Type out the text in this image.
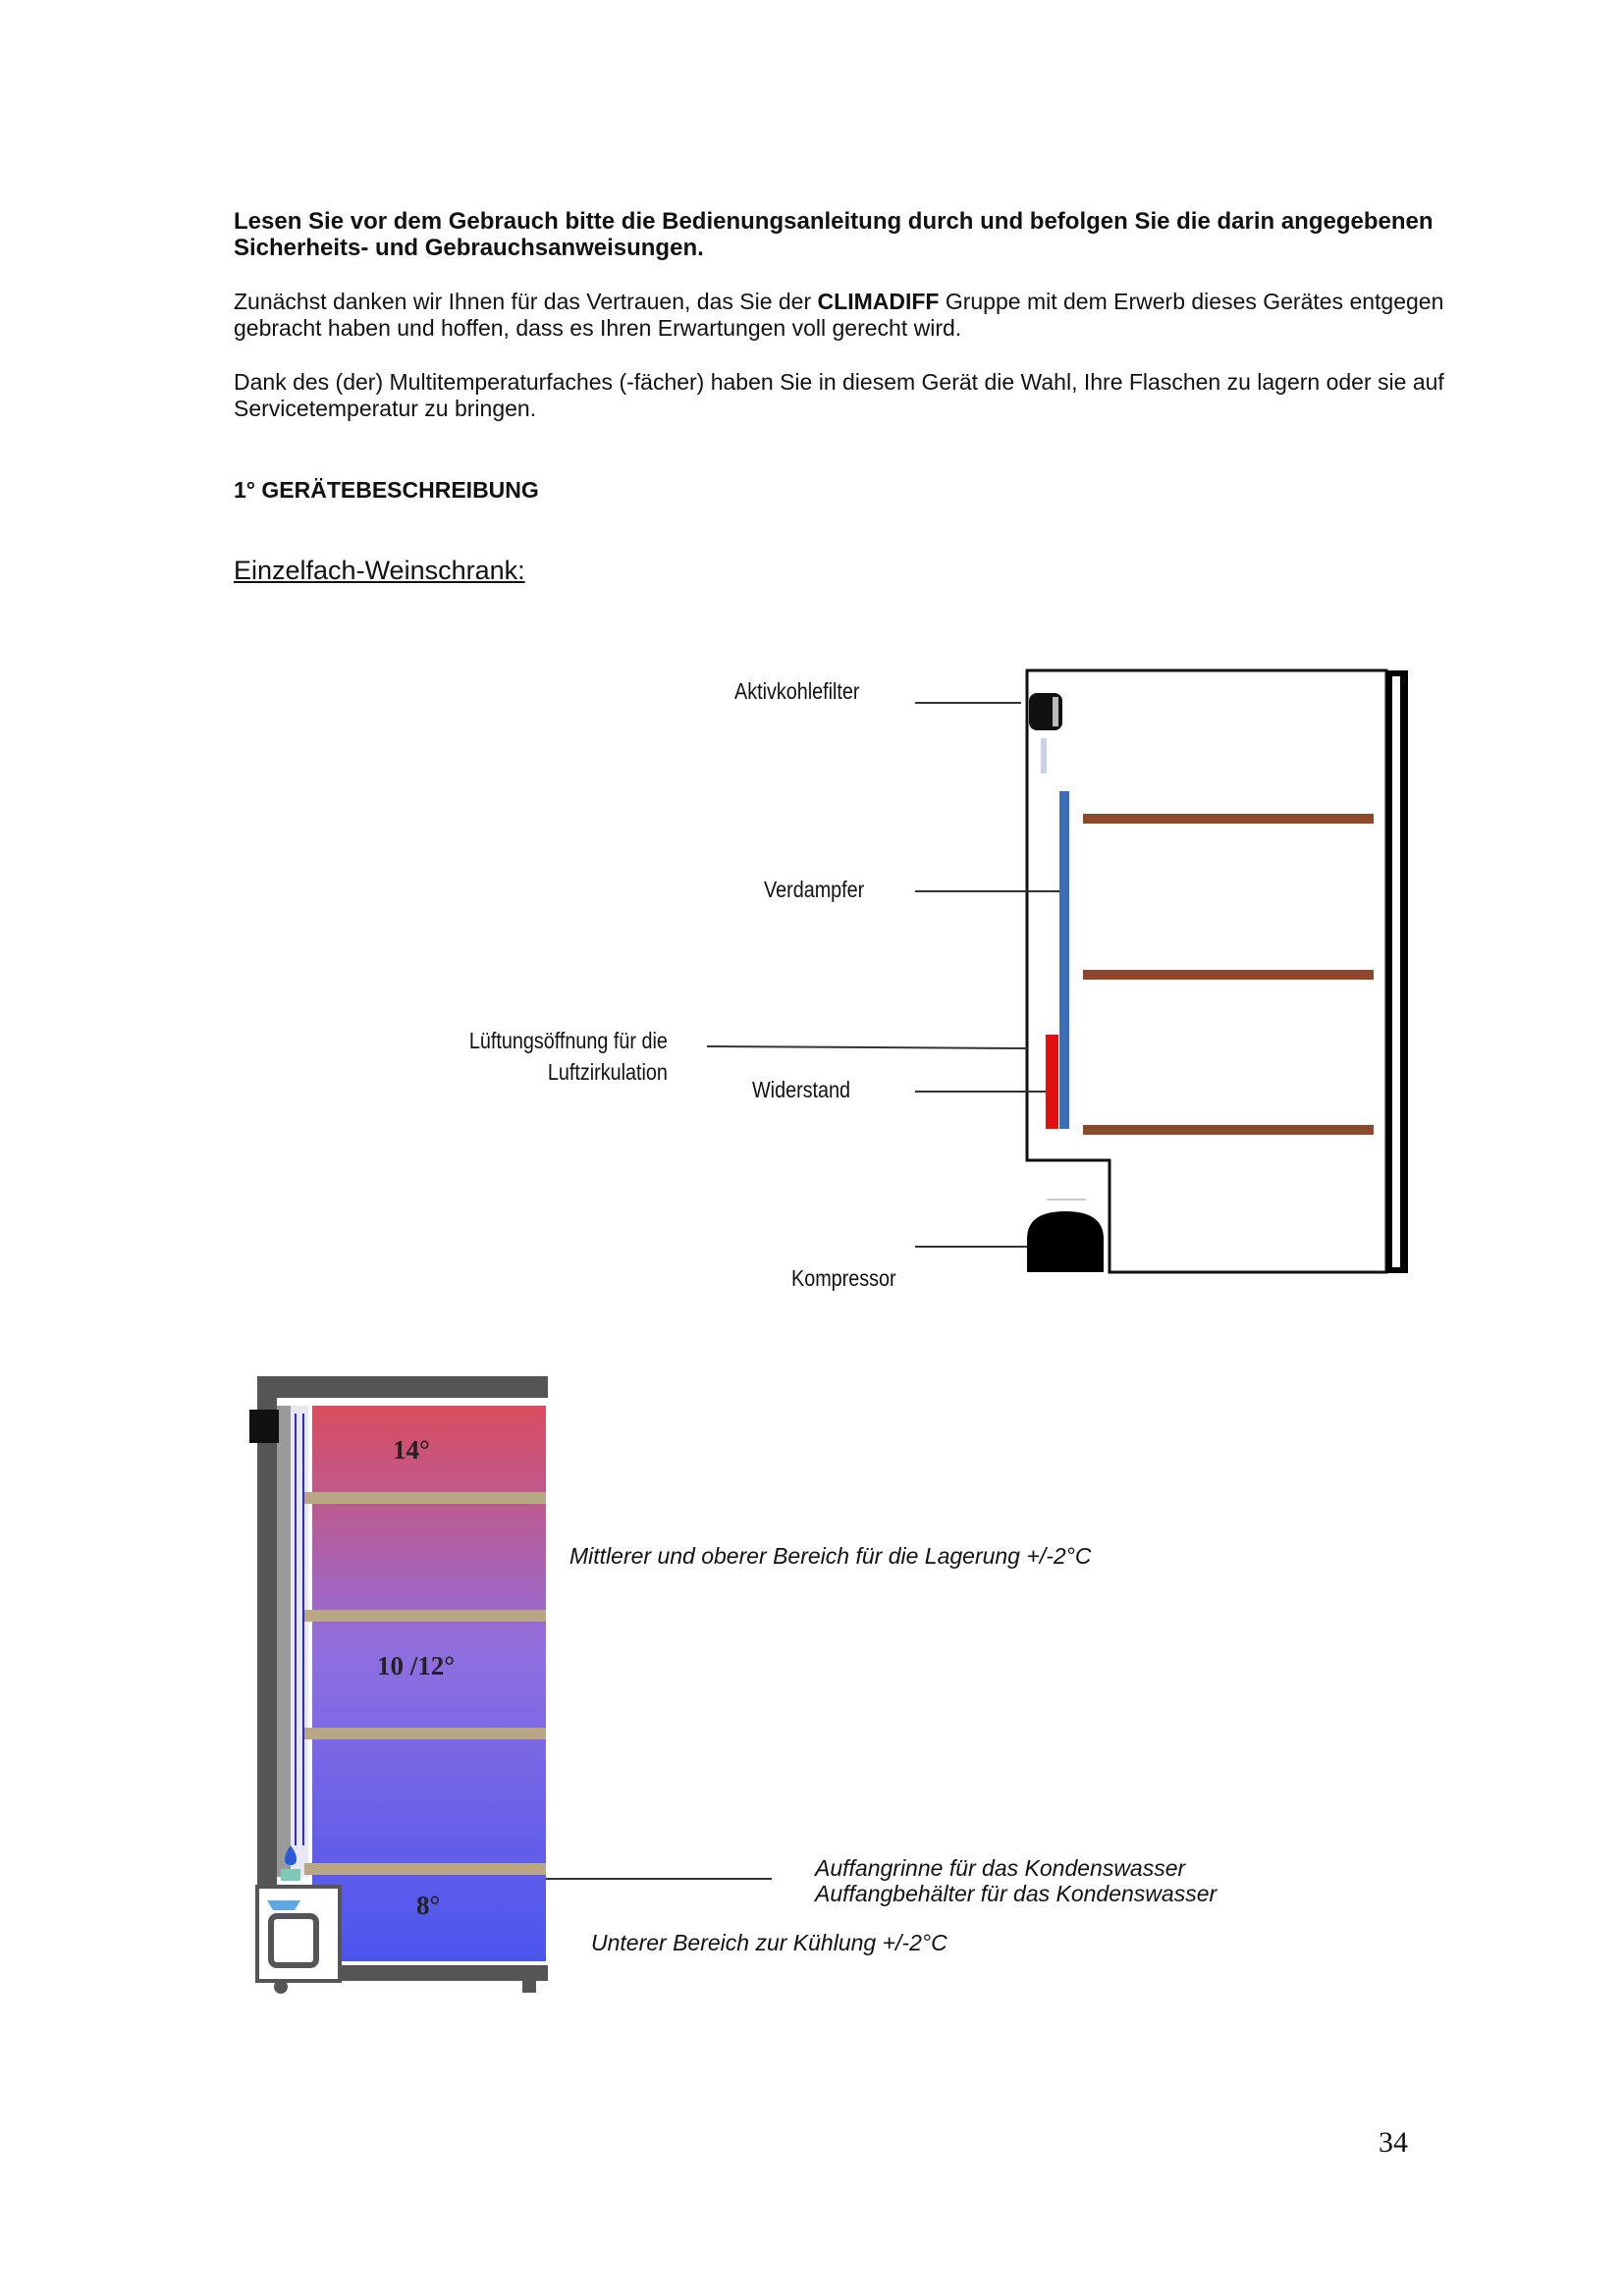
Lesen Sie vor dem Gebrauch bitte die Bedienungsanleitung durch und befolgen Sie die darin angegebenen Sicherheits- und Gebrauchsanweisungen.

Zunächst danken wir Ihnen für das Vertrauen, das Sie der CLIMADIFF Gruppe mit dem Erwerb dieses Gerätes entgegen gebracht haben und hoffen, dass es Ihren Erwartungen voll gerecht wird.

Dank des (der) Multitemperaturfaches (-fächer) haben Sie in diesem Gerät die Wahl, Ihre Flaschen zu lagern oder sie auf Servicetemperatur zu bringen.

1° GERÄTEBESCHREIBUNG
Einzelfach-Weinschrank:
Aktivkohlefilter
Verdampfer
Lüftungsöffnung für die
Luftzirkulation
Widerstand
Kompressor
Mittlerer und oberer Bereich für die Lagerung +/-2°C
Auffangrinne für das Kondenswasser
Auffangbehälter für das Kondenswasser
Unterer Bereich zur Kühlung +/-2°C
34
14°
10 /12°
8°
